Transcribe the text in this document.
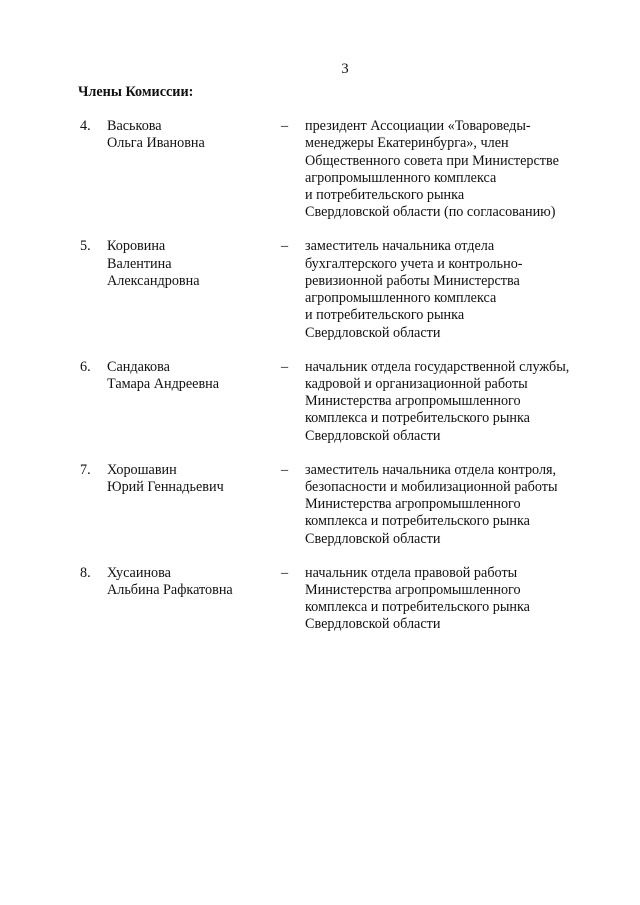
3
Члены Комиссии:
4. Васькова
Ольга Ивановна
– президент Ассоциации «Товароведы-
менеджеры Екатеринбурга», член
Общественного совета при Министерстве
агропромышленного комплекса
и потребительского рынка
Свердловской области (по согласованию)
5. Коровина
Валентина
Александровна
– заместитель начальника отдела
бухгалтерского учета и контрольно-
ревизионной работы Министерства
агропромышленного комплекса
и потребительского рынка
Свердловской области
6. Сандакова
Тамара Андреевна
– начальник отдела государственной службы,
кадровой и организационной работы
Министерства агропромышленного
комплекса и потребительского рынка
Свердловской области
7. Хорошавин
Юрий Геннадьевич
– заместитель начальника отдела контроля,
безопасности и мобилизационной работы
Министерства агропромышленного
комплекса и потребительского рынка
Свердловской области
8. Хусаинова
Альбина Рафкатовна
– начальник отдела правовой работы
Министерства агропромышленного
комплекса и потребительского рынка
Свердловской области
